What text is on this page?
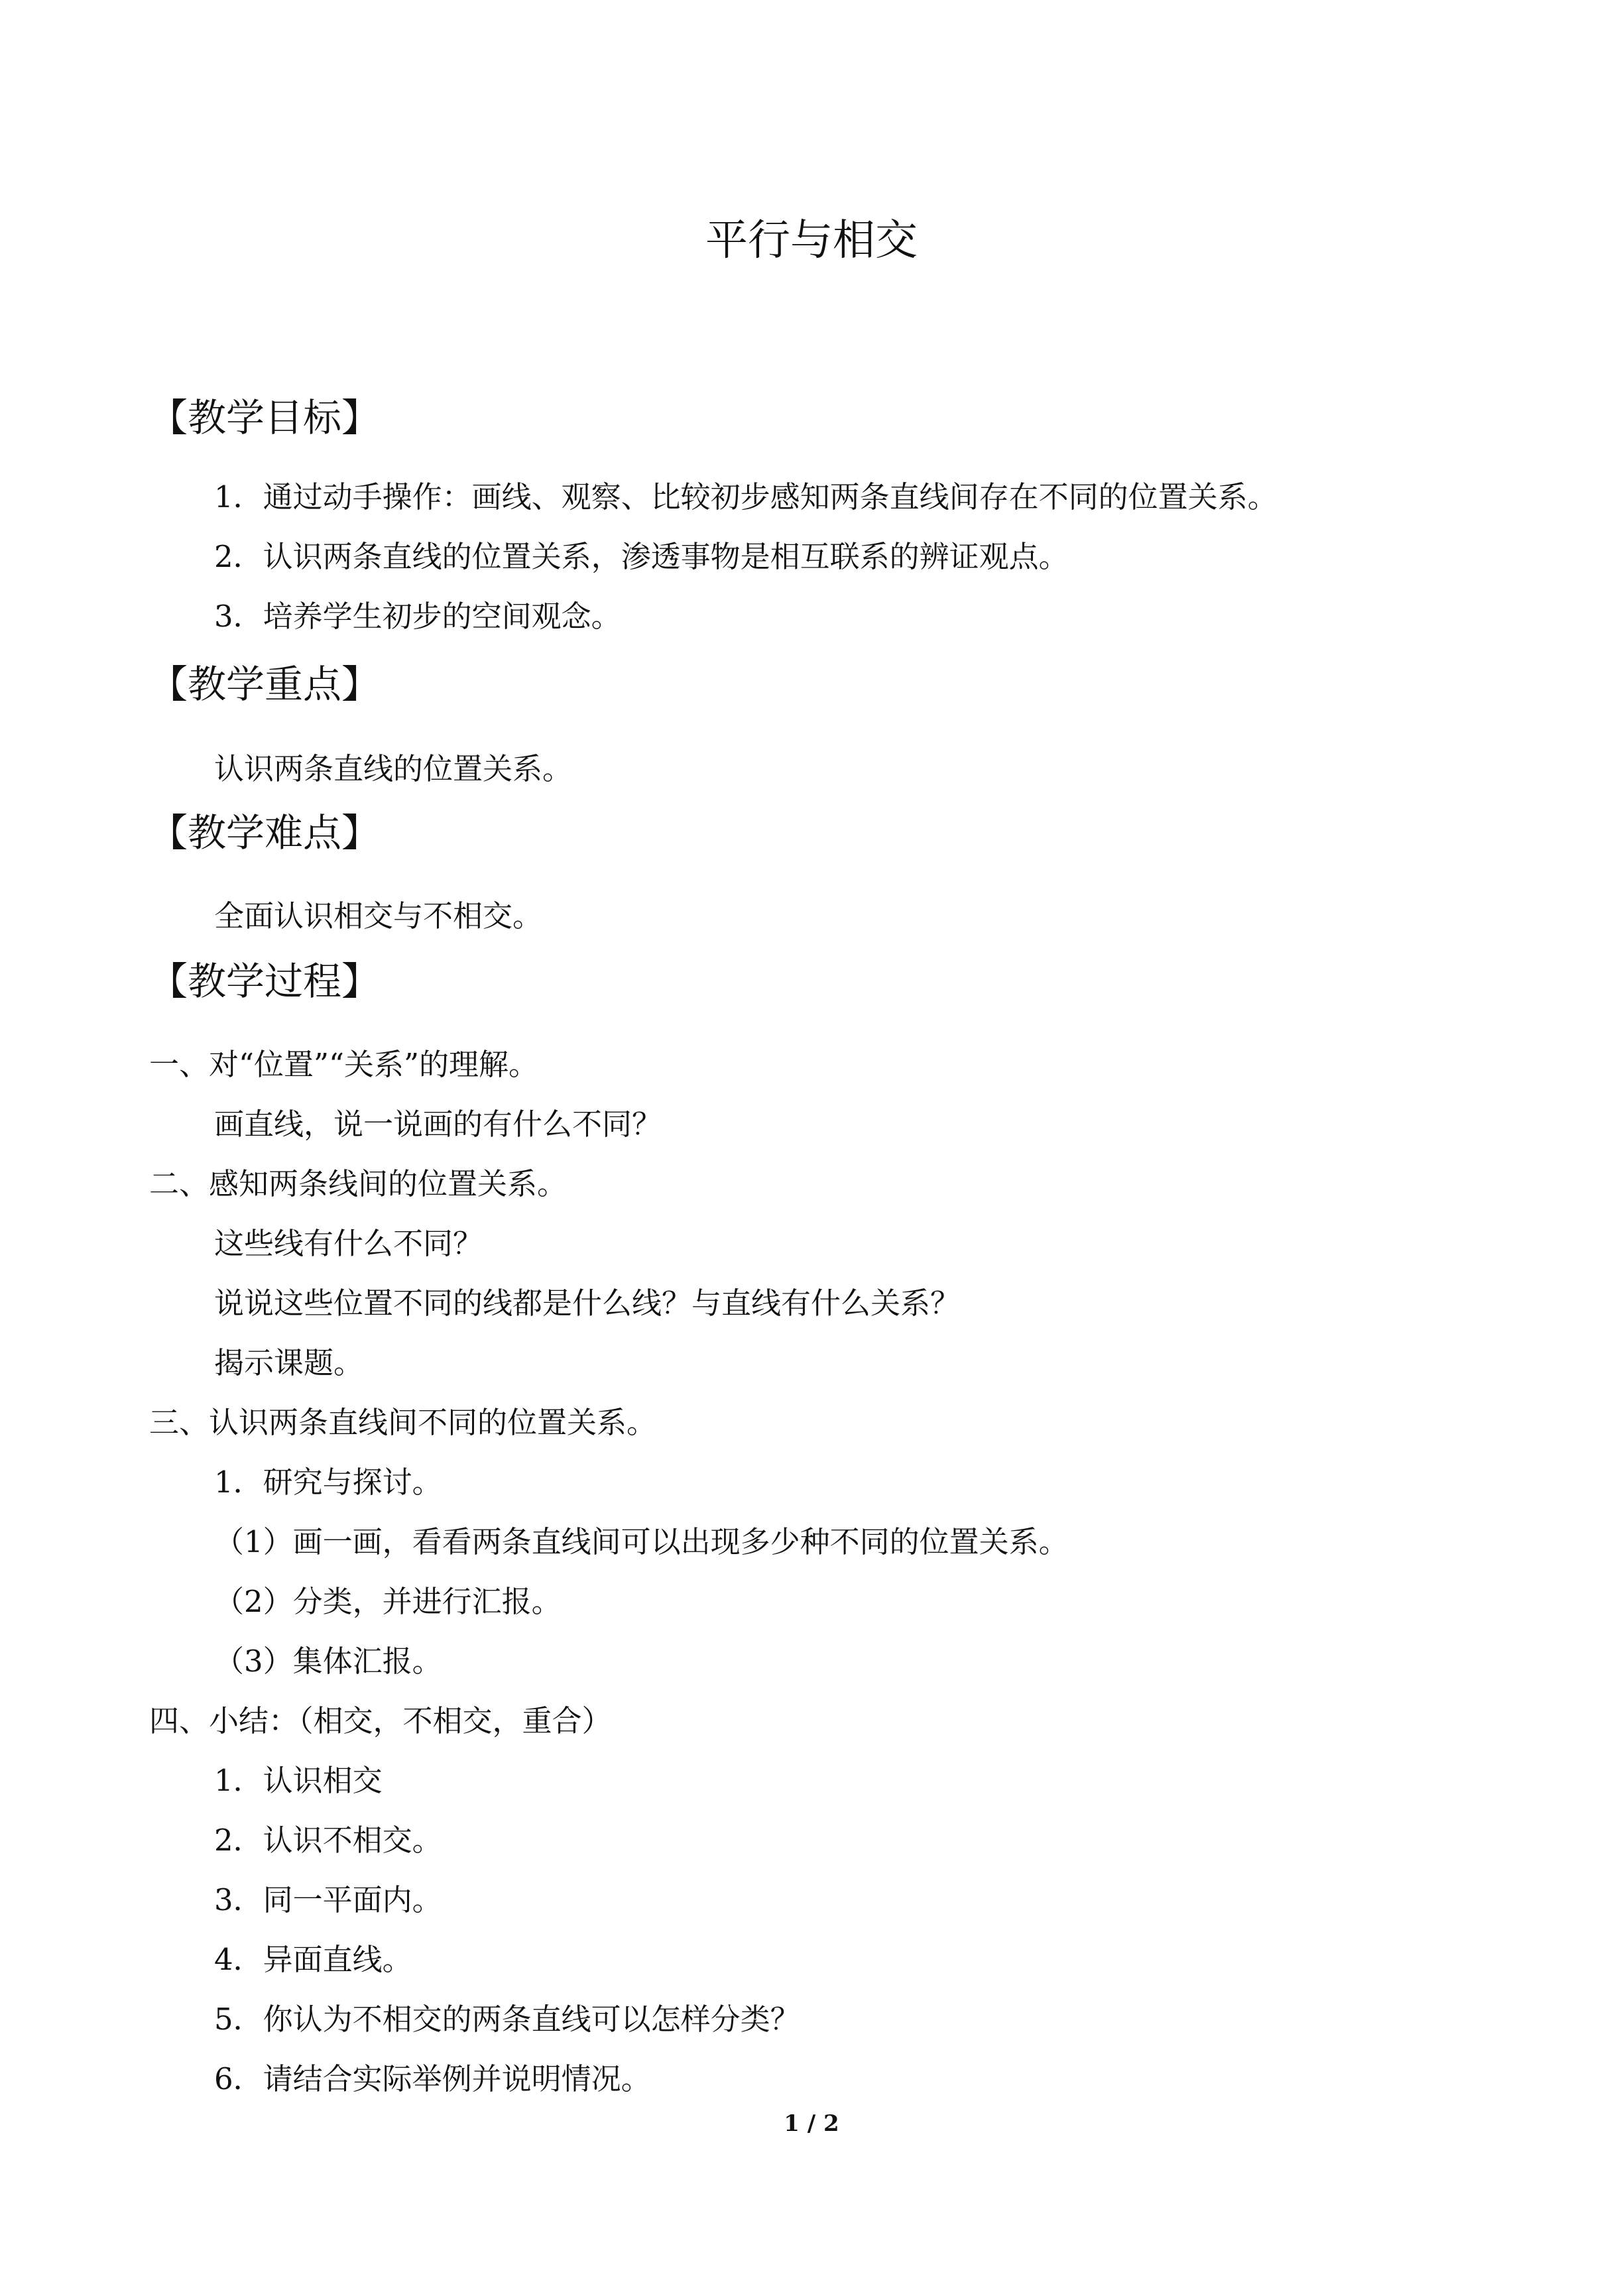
平行与相交
【教学目标】

1．通过动手操作：画线、观察、比较初步感知两条直线间存在不同的位置关系。

2．认识两条直线的位置关系，渗透事物是相互联系的辨证观点。

3．培养学生初步的空间观念。

【教学重点】

认识两条直线的位置关系。

【教学难点】

全面认识相交与不相交。

【教学过程】

一、对“位置”“关系”的理解。

画直线，说一说画的有什么不同？

二、感知两条线间的位置关系。

这些线有什么不同？

说说这些位置不同的线都是什么线？与直线有什么关系？

揭示课题。

三、认识两条直线间不同的位置关系。

1．研究与探讨。

（1）画一画，看看两条直线间可以出现多少种不同的位置关系。

（2）分类，并进行汇报。

（3）集体汇报。

四、小结：（相交，不相交，重合）

1．认识相交

2．认识不相交。

3．同一平面内。

4．异面直线。

5．你认为不相交的两条直线可以怎样分类？

6．请结合实际举例并说明情况。

1 / 2
